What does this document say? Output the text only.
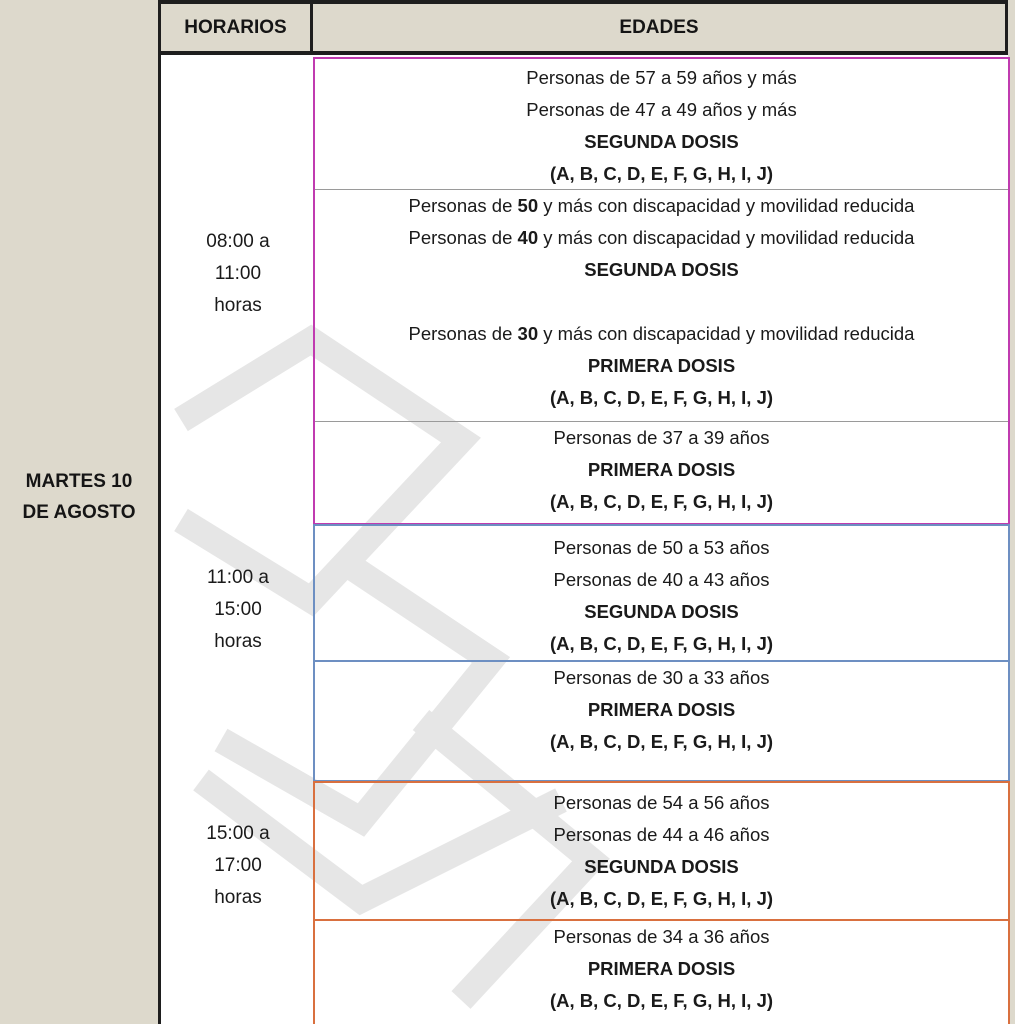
MARTES 10
DE AGOSTO
HORARIOS	EDADES
08:00 a
11:00
horas
11:00 a
15:00
horas
15:00 a
17:00
horas
Personas de 57 a 59 años y más
Personas de 47 a 49 años y más
SEGUNDA DOSIS
(A, B, C, D, E, F, G, H, I, J)
Personas de 50 y más con discapacidad y movilidad reducida
Personas de 40 y más con discapacidad y movilidad reducida
SEGUNDA DOSIS
Personas de 30 y más con discapacidad y movilidad reducida
PRIMERA DOSIS
(A, B, C, D, E, F, G, H, I, J)
Personas de 37 a 39 años
PRIMERA DOSIS
(A, B, C, D, E, F, G, H, I, J)
Personas de 50 a 53 años
Personas de 40 a 43 años
SEGUNDA DOSIS
(A, B, C, D, E, F, G, H, I, J)
Personas de 30 a 33 años
PRIMERA DOSIS
(A, B, C, D, E, F, G, H, I, J)
Personas de 54 a 56 años
Personas de 44 a 46 años
SEGUNDA DOSIS
(A, B, C, D, E, F, G, H, I, J)
Personas de 34 a 36 años
PRIMERA DOSIS
(A, B, C, D, E, F, G, H, I, J)
